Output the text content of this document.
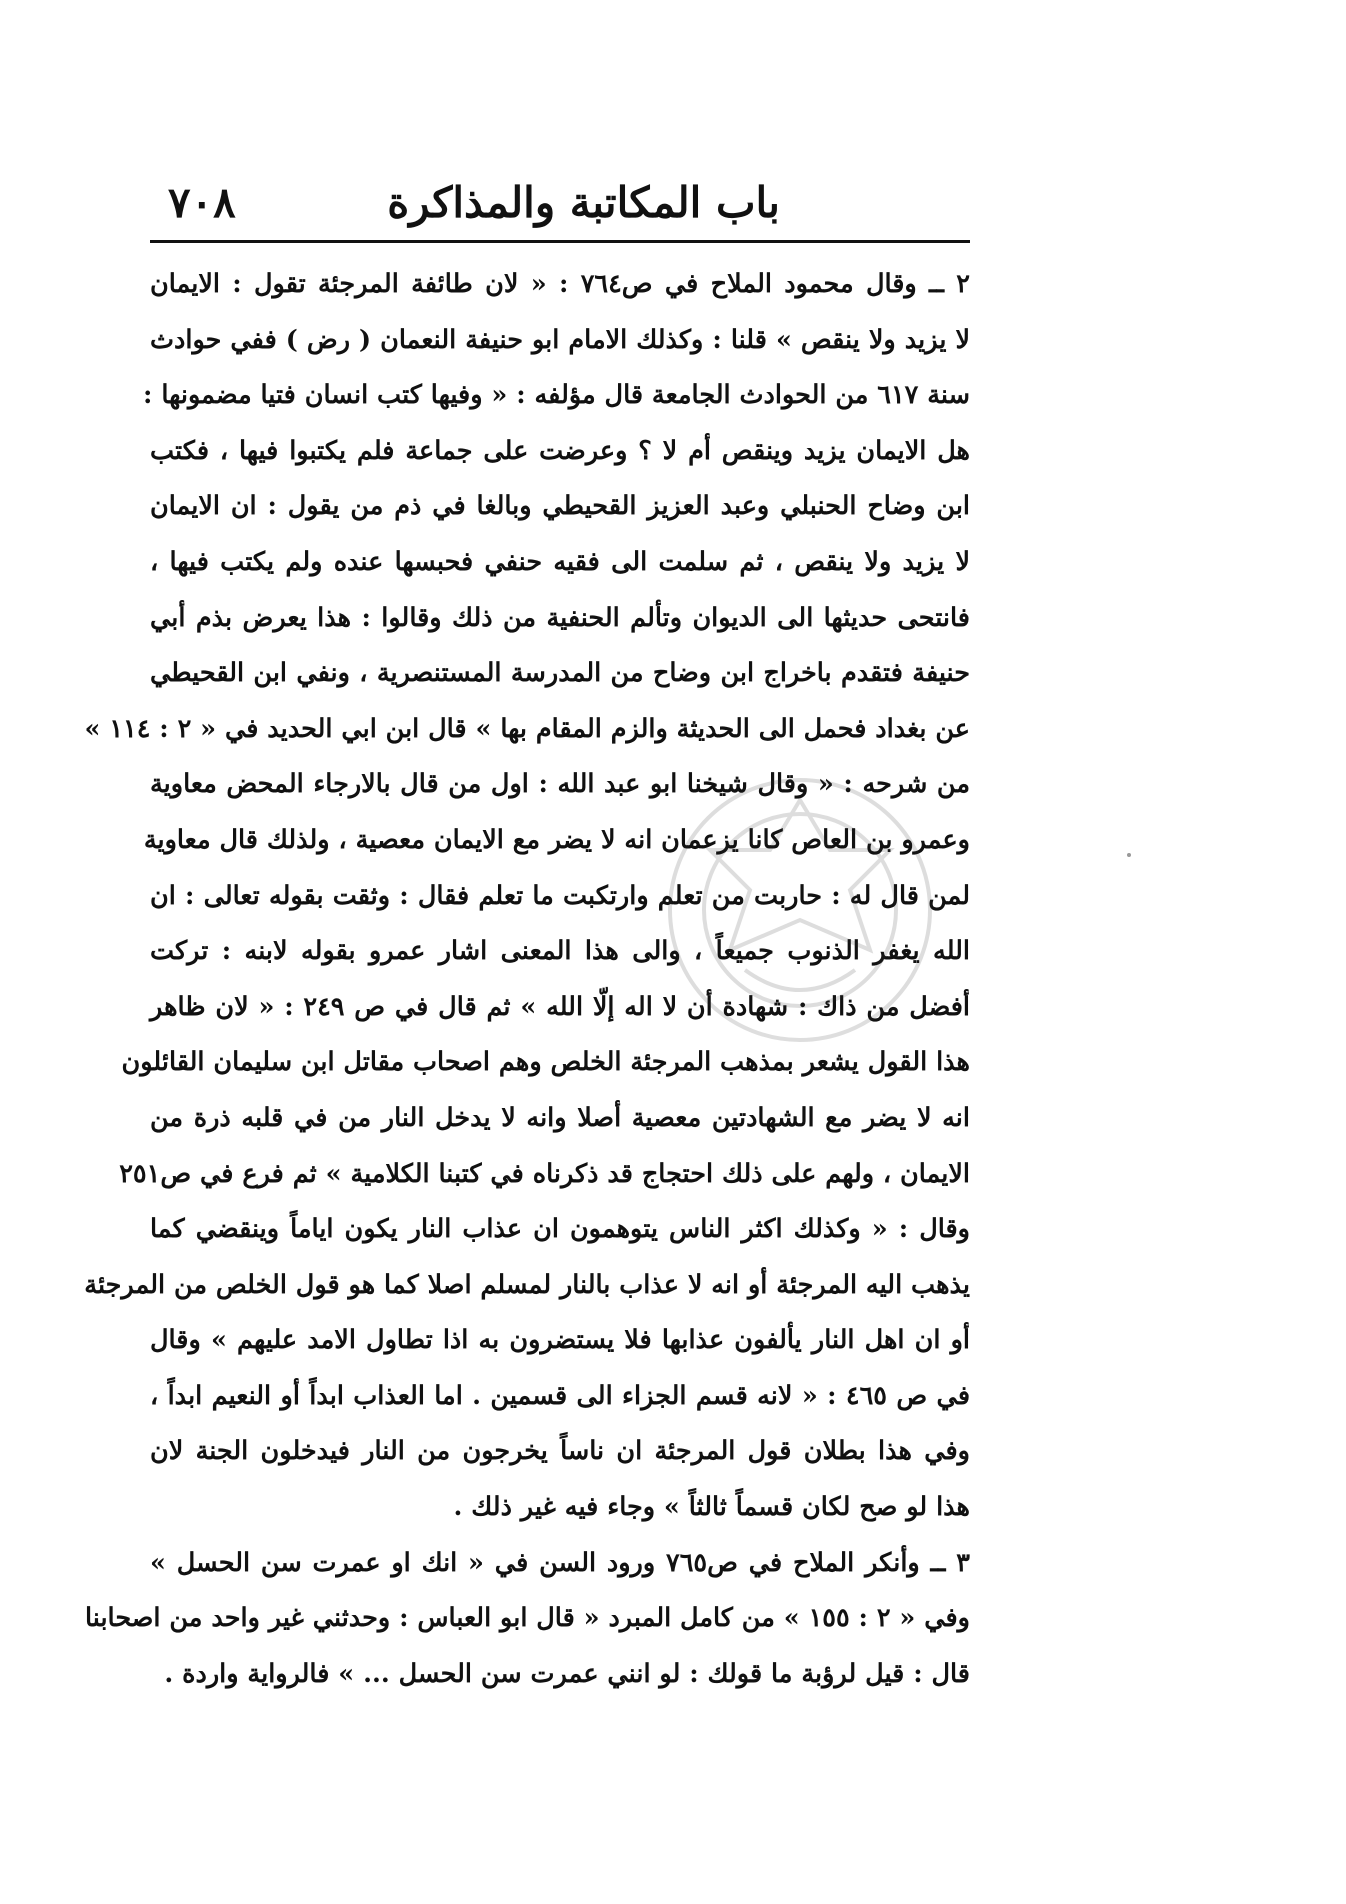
باب المكاتبة والمذاكرة
٧٠٨
٢ ــ وقال محمود الملاح في ص٧٦٤ : « لان طائفة المرجئة تقول : الايمان
لا يزيد ولا ينقص » قلنا : وكذلك الامام ابو حنيفة النعمان ( رض ) ففي حوادث
سنة ٦١٧ من الحوادث الجامعة قال مؤلفه : « وفيها كتب انسان فتيا مضمونها :
هل الايمان يزيد وينقص أم لا ؟ وعرضت على جماعة فلم يكتبوا فيها ، فكتب
ابن وضاح الحنبلي وعبد العزيز القحيطي وبالغا في ذم من يقول : ان الايمان
لا يزيد ولا ينقص ، ثم سلمت الى فقيه حنفي فحبسها عنده ولم يكتب فيها ،
فانتحى حديثها الى الديوان وتألم الحنفية من ذلك وقالوا : هذا يعرض بذم أبي
حنيفة فتقدم باخراج ابن وضاح من المدرسة المستنصرية ، ونفي ابن القحيطي
عن بغداد فحمل الى الحديثة والزم المقام بها » قال ابن ابي الحديد في « ٢ : ١١٤ »
من شرحه : « وقال شيخنا ابو عبد الله : اول من قال بالارجاء المحض معاوية
وعمرو بن العاص كانا يزعمان انه لا يضر مع الايمان معصية ، ولذلك قال معاوية
لمن قال له : حاربت من تعلم وارتكبت ما تعلم فقال : وثقت بقوله تعالى : ان
الله يغفر الذنوب جميعاً ، والى هذا المعنى اشار عمرو بقوله لابنه : تركت
أفضل من ذاك : شهادة أن لا اله إلّا الله » ثم قال في ص ٢٤٩ : « لان ظاهر
هذا القول يشعر بمذهب المرجئة الخلص وهم اصحاب مقاتل ابن سليمان القائلون
انه لا يضر مع الشهادتين معصية أصلا وانه لا يدخل النار من في قلبه ذرة من
الايمان ، ولهم على ذلك احتجاج قد ذكرناه في كتبنا الكلامية » ثم فرع في ص٢٥١
وقال : « وكذلك اكثر الناس يتوهمون ان عذاب النار يكون اياماً وينقضي كما
يذهب اليه المرجئة أو انه لا عذاب بالنار لمسلم اصلا كما هو قول الخلص من المرجئة
أو ان اهل النار يألفون عذابها فلا يستضرون به اذا تطاول الامد عليهم » وقال
في ص ٤٦٥ : « لانه قسم الجزاء الى قسمين . اما العذاب ابداً أو النعيم ابداً ،
وفي هذا بطلان قول المرجئة ان ناساً يخرجون من النار فيدخلون الجنة لان
هذا لو صح لكان قسماً ثالثاً » وجاء فيه غير ذلك .
٣ ــ وأنكر الملاح في ص٧٦٥ ورود السن في « انك او عمرت سن الحسل »
وفي « ٢ : ١٥٥ » من كامل المبرد « قال ابو العباس : وحدثني غير واحد من اصحابنا
قال : قيل لرؤبة ما قولك : لو انني عمرت سن الحسل ... » فالرواية واردة .
